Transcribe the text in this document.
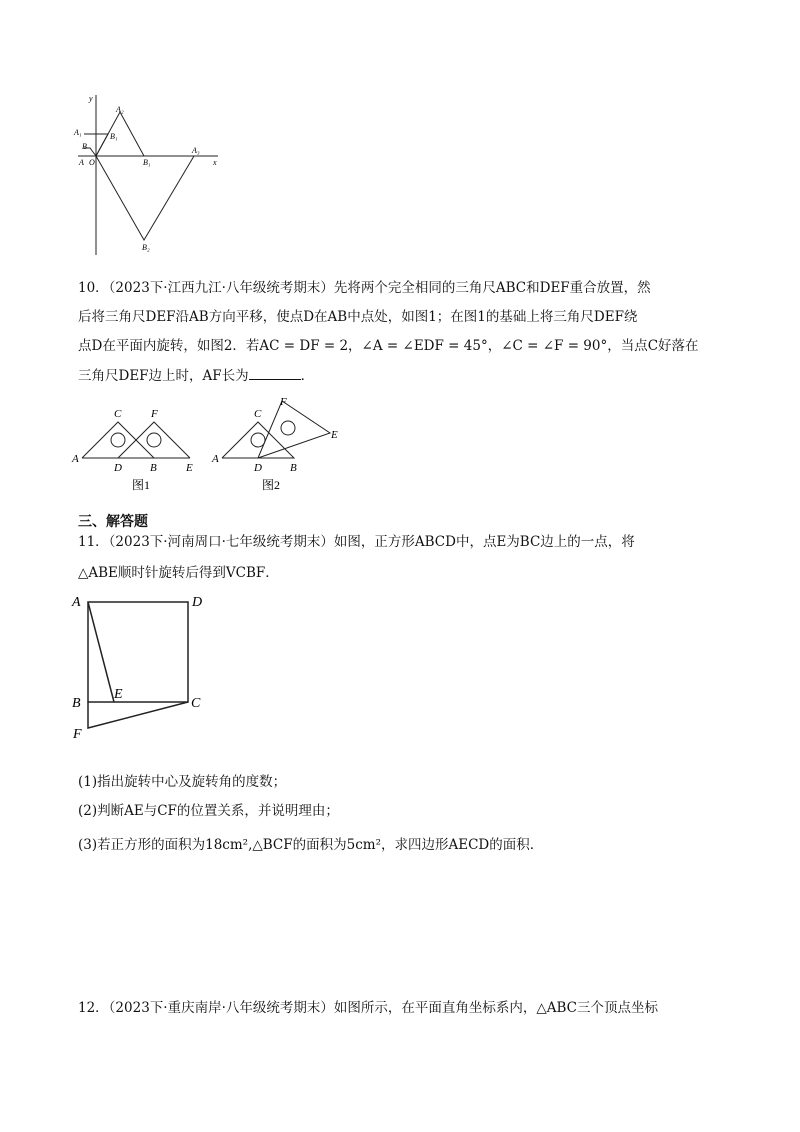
y
x
A₂
A₁	B₁
B
A O	B₁
A₃
B₂
10．（2023下·江西九江·八年级统考期末）先将两个完全相同的三角尺ABC和DEF重合放置，然
后将三角尺DEF沿AB方向平移，使点D在AB中点处，如图1；在图1的基础上将三角尺DEF绕
点D在平面内旋转，如图2．若AC = DF = 2，∠A = ∠EDF = 45°，∠C = ∠F = 90°，当点C好落在
三角尺DEF边上时，AF长为	．
C	F
A
D	B	E
图1
C
F
E
A
D	B
图2
三、解答题
11．（2023下·河南周口·七年级统考期末）如图，正方形ABCD中，点E为BC边上的一点，将
△ABE顺时针旋转后得到VCBF．
A	D
B
E
C
F
(1)指出旋转中心及旋转角的度数；
(2)判断AE与CF的位置关系，并说明理由；
(3)若正方形的面积为18cm²,△BCF的面积为5cm²，求四边形AECD的面积．
12．（2023下·重庆南岸·八年级统考期末）如图所示，在平面直角坐标系内，△ABC三个顶点坐标
